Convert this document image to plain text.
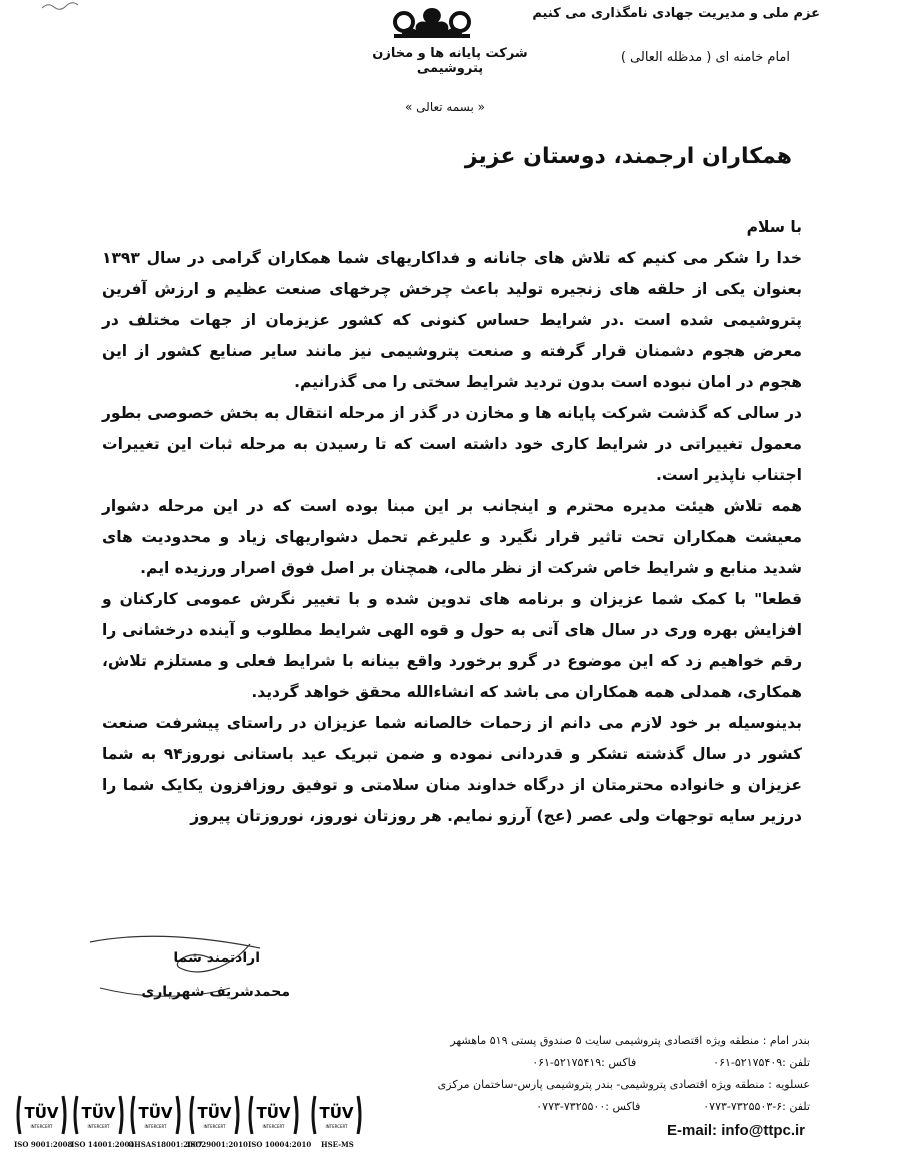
عزم ملی و مدیریت جهادی نامگذاری می کنیم
امام خامنه ای ( مدظله العالی )
شرکت پایانه ها و مخازن پتروشیمی
« بسمه تعالی »
همکاران ارجمند، دوستان عزیز

با سلام

خدا را شکر می کنیم که تلاش های جانانه و فداکاریهای شما همکاران گرامی در سال ۱۳۹۳ بعنوان یکی از حلقه های زنجیره تولید باعث چرخش چرخهای صنعت عظیم و ارزش آفرین پتروشیمی شده است .در شرایط حساس کنونی که کشور عزیزمان از جهات مختلف در معرض هجوم دشمنان قرار گرفته و صنعت پتروشیمی نیز مانند سایر صنایع کشور از این هجوم در امان نبوده است بدون تردید شرایط سختی را می گذرانیم.

در سالی که گذشت شرکت پایانه ها و مخازن در گذر از مرحله انتقال به بخش خصوصی بطور معمول تغییراتی در شرایط کاری خود داشته است که تا رسیدن به مرحله ثبات این تغییرات اجتناب ناپذیر است.

همه تلاش هیئت مدیره محترم و اینجانب بر این مبنا بوده است که در این مرحله دشوار معیشت همکاران تحت تاثیر قرار نگیرد و علیرغم تحمل دشواریهای زیاد و محدودیت های شدید منابع و شرایط خاص شرکت از نظر مالی، همچنان بر اصل فوق اصرار ورزیده ایم.

قطعا" با کمک شما عزیزان و برنامه های تدوین شده و با تغییر نگرش عمومی کارکنان و افزایش بهره وری در سال های آتی به حول و قوه الهی شرایط مطلوب و آینده درخشانی را رقم خواهیم زد که این موضوع در گرو برخورد واقع بینانه با شرایط فعلی و مستلزم تلاش، همکاری، همدلی همه همکاران می باشد که انشاءالله محقق خواهد گردید.

بدینوسیله بر خود لازم می دانم از زحمات خالصانه شما عزیزان در راستای پیشرفت صنعت کشور در سال گذشته تشکر و قدردانی نموده و ضمن تبریک عید باستانی نوروز۹۴ به شما عزیزان و خانواده محترمتان از درگاه خداوند منان سلامتی و توفیق روزافزون یکایک شما را درزیر سایه توجهات ولی عصر (عج) آرزو نمایم. هر روزتان نوروز، نوروزتان پیروز

ارادتمند شما
محمدشریف شهریاری
بندر امام : منطقه ویژه اقتصادی پتروشیمی سایت ۵ صندوق پستی ۵۱۹ ماهشهر
تلفن :۵۲۱۷۵۴۰۹-۰۶۱                      فاکس :۵۲۱۷۵۴۱۹-۰۶۱
عسلویه : منطقه ویژه اقتصادی پتروشیمی- بندر پتروشیمی پارس-ساختمان مرکزی
تلفن :۶-۷۳۲۵۵۰۳-۰۷۷۳                  فاکس :۷۳۲۵۵۰۰-۰۷۷۳
E-mail: info@ttpc.ir
TÜV
INTERCERT
ISO 9001:2008
TÜV
INTERCERT
ISO 14001:2004
TÜV
INTERCERT
OHSAS18001:2007
TÜV
INTERCERT
ISO29001:2010
TÜV
INTERCERT
ISO 10004:2010
TÜV
INTERCERT
HSE-MS
